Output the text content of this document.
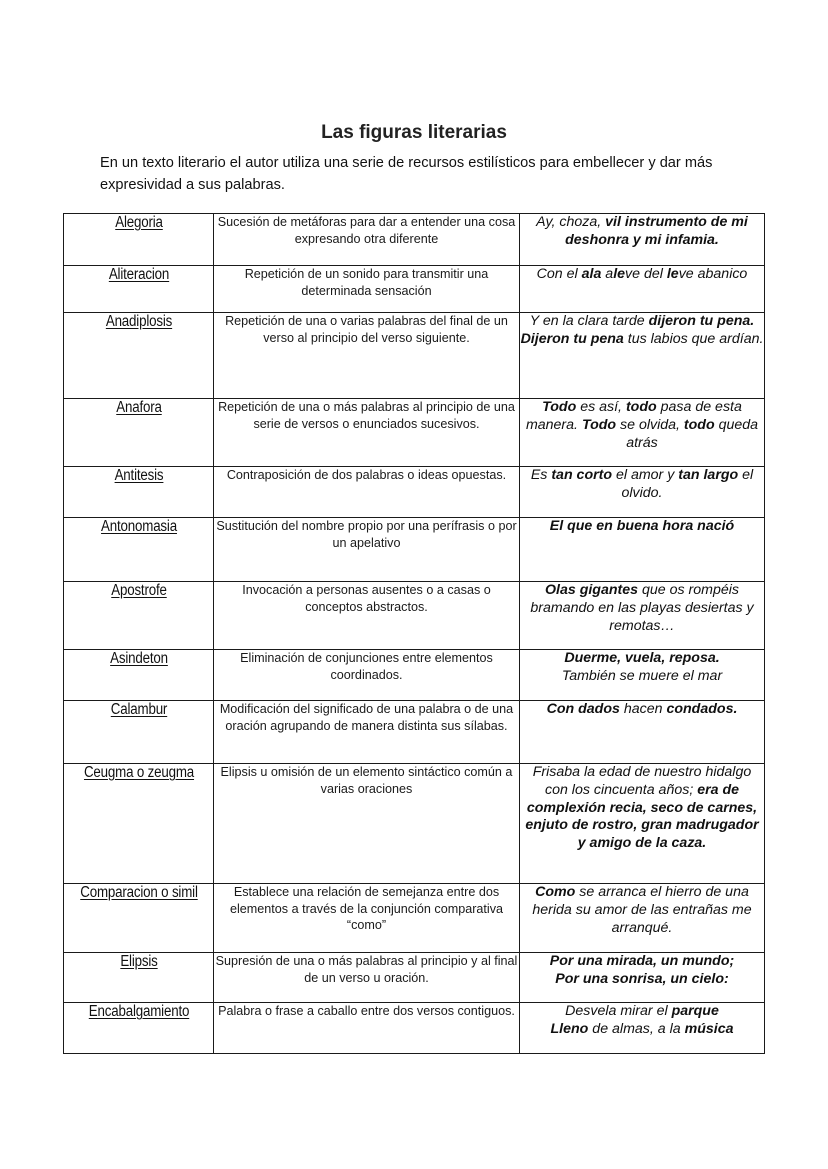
Las figuras literarias

En un texto literario el autor utiliza una serie de recursos estilísticos para embellecer y dar más expresividad a sus palabras.

Alegoria	Sucesión de metáforas para dar a entender una cosa expresando otra diferente	Ay, choza, vil instrumento de mi deshonra y mi infamia.
Aliteracion	Repetición de un sonido para transmitir una determinada sensación	Con el ala aleve del leve abanico
Anadiplosis	Repetición de una o varias palabras del final de un verso al principio del verso siguiente.	Y en la clara tarde dijeron tu pena.
Dijeron tu pena tus labios que ardían.
Anafora	Repetición de una o más palabras al principio de una serie de versos o enunciados sucesivos.	Todo es así, todo pasa de esta manera. Todo se olvida, todo queda atrás
Antitesis	Contraposición de dos palabras o ideas opuestas.	Es tan corto el amor y tan largo el olvido.
Antonomasia	Sustitución del nombre propio por una perífrasis o por un apelativo	El que en buena hora nació
Apostrofe	Invocación a personas ausentes o a casas o conceptos abstractos.	Olas gigantes que os rompéis bramando en las playas desiertas y remotas…
Asindeton	Eliminación de conjunciones entre elementos coordinados.	Duerme, vuela, reposa.
También se muere el mar
Calambur	Modificación del significado de una palabra o de una oración agrupando de manera distinta sus sílabas.	Con dados hacen condados.
Ceugma o zeugma	Elipsis u omisión de un elemento sintáctico común a varias oraciones	Frisaba la edad de nuestro hidalgo con los cincuenta años; era de complexión recia, seco de carnes, enjuto de rostro, gran madrugador y amigo de la caza.
Comparacion o simil	Establece una relación de semejanza entre dos elementos a través de la conjunción comparativa “como”	Como se arranca el hierro de una herida su amor de las entrañas me arranqué.
Elipsis	Supresión de una o más palabras al principio y al final de un verso u oración.	Por una mirada, un mundo;
Por una sonrisa, un cielo:
Encabalgamiento	Palabra o frase a caballo entre dos versos contiguos.	Desvela mirar el parque
Lleno de almas, a la música
